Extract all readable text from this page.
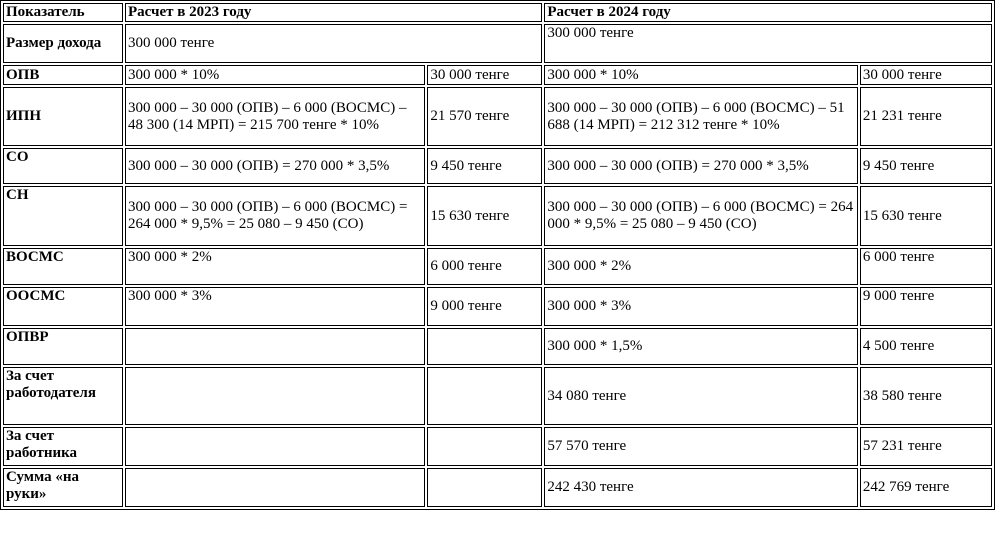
Показатель	Расчет в 2023 году		Расчет в 2024 году	
Размер дохода	300 000 тенге		300 000 тенге	
ОПВ	300 000 * 10%	30 000 тенге	300 000 * 10%	30 000 тенге
ИПН	300 000 – 30 000 (ОПВ) – 6 000 (ВОСМС) – 48 300 (14 МРП) = 215 700 тенге * 10%	21 570 тенге	300 000 – 30 000 (ОПВ) – 6 000 (ВОСМС) – 51 688 (14 МРП) = 212 312 тенге * 10%	21 231 тенге
СО	300 000 – 30 000 (ОПВ) = 270 000 * 3,5%	9 450 тенге	300 000 – 30 000 (ОПВ) = 270 000 * 3,5%	9 450 тенге
СН	300 000 – 30 000 (ОПВ) – 6 000 (ВОСМС) = 264 000 * 9,5% = 25 080 – 9 450 (СО)	15 630 тенге	300 000 – 30 000 (ОПВ) – 6 000 (ВОСМС) = 264 000 * 9,5% = 25 080 – 9 450 (СО)	15 630 тенге
ВОСМС	300 000 * 2%	6 000 тенге	300 000 * 2%	6 000 тенге
ООСМС	300 000 * 3%	9 000 тенге	300 000 * 3%	9 000 тенге
ОПВР			300 000 * 1,5%	4 500 тенге
За счет работодателя			34 080 тенге	38 580 тенге
За счет работника			57 570 тенге	57 231 тенге
Сумма «на руки»			242 430 тенге	242 769 тенге
